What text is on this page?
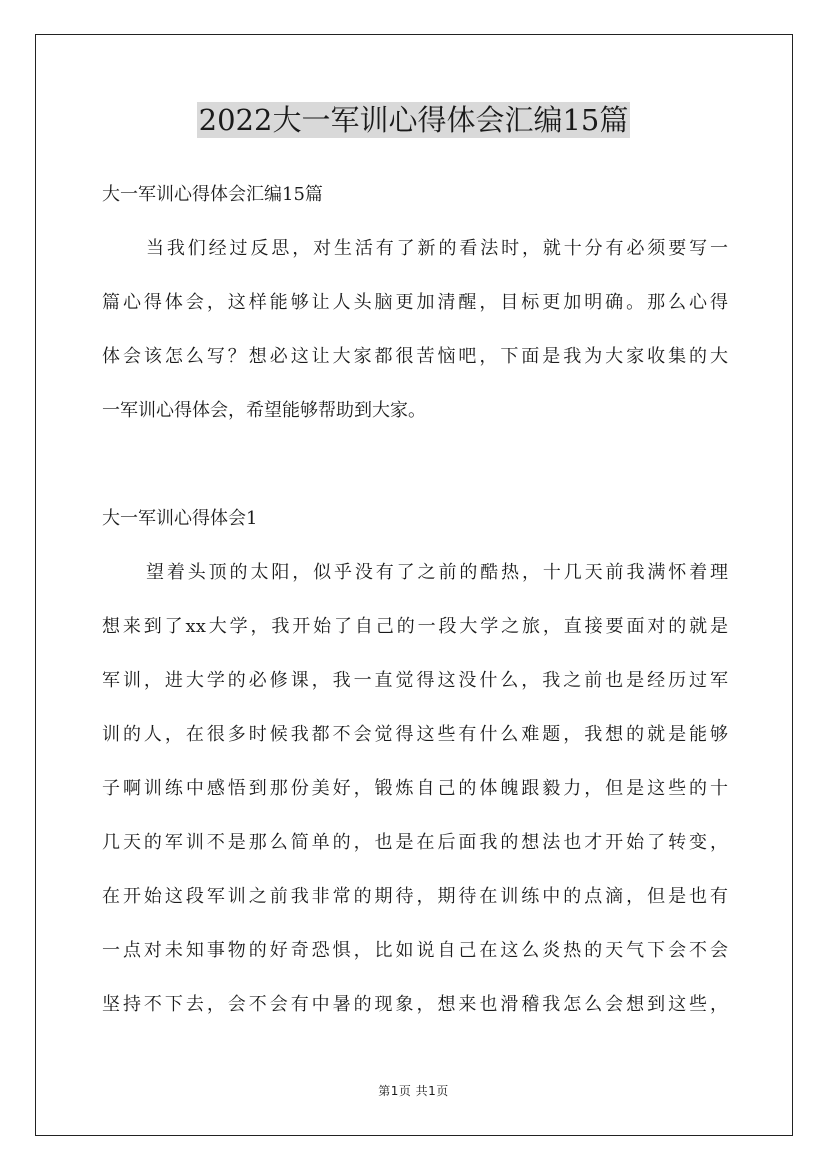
2022大一军训心得体会汇编15篇
大一军训心得体会汇编15篇
当我们经过反思，对生活有了新的看法时，就十分有必须要写一
篇心得体会，这样能够让人头脑更加清醒，目标更加明确。那么心得
体会该怎么写？想必这让大家都很苦恼吧，下面是我为大家收集的大
一军训心得体会，希望能够帮助到大家。
大一军训心得体会1
望着头顶的太阳，似乎没有了之前的酷热，十几天前我满怀着理
想来到了xx大学，我开始了自己的一段大学之旅，直接要面对的就是
军训，进大学的必修课，我一直觉得这没什么，我之前也是经历过军
训的人，在很多时候我都不会觉得这些有什么难题，我想的就是能够
子啊训练中感悟到那份美好，锻炼自己的体魄跟毅力，但是这些的十
几天的军训不是那么简单的，也是在后面我的想法也才开始了转变，
在开始这段军训之前我非常的期待，期待在训练中的点滴，但是也有
一点对未知事物的好奇恐惧，比如说自己在这么炎热的天气下会不会
坚持不下去，会不会有中暑的现象，想来也滑稽我怎么会想到这些，
第1页 共1页
